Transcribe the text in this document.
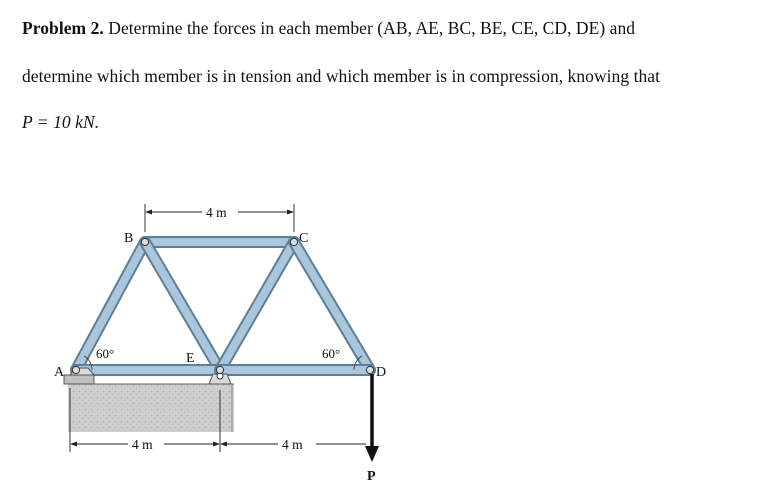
Problem 2. Determine the forces in each member (AB, AE, BC, BE, CE, CD, DE) and
determine which member is in tension and which member is in compression, knowing that
P = 10 kN.
P
A
B	C
D
E
60°	60°
4 m
4 m	4 m
